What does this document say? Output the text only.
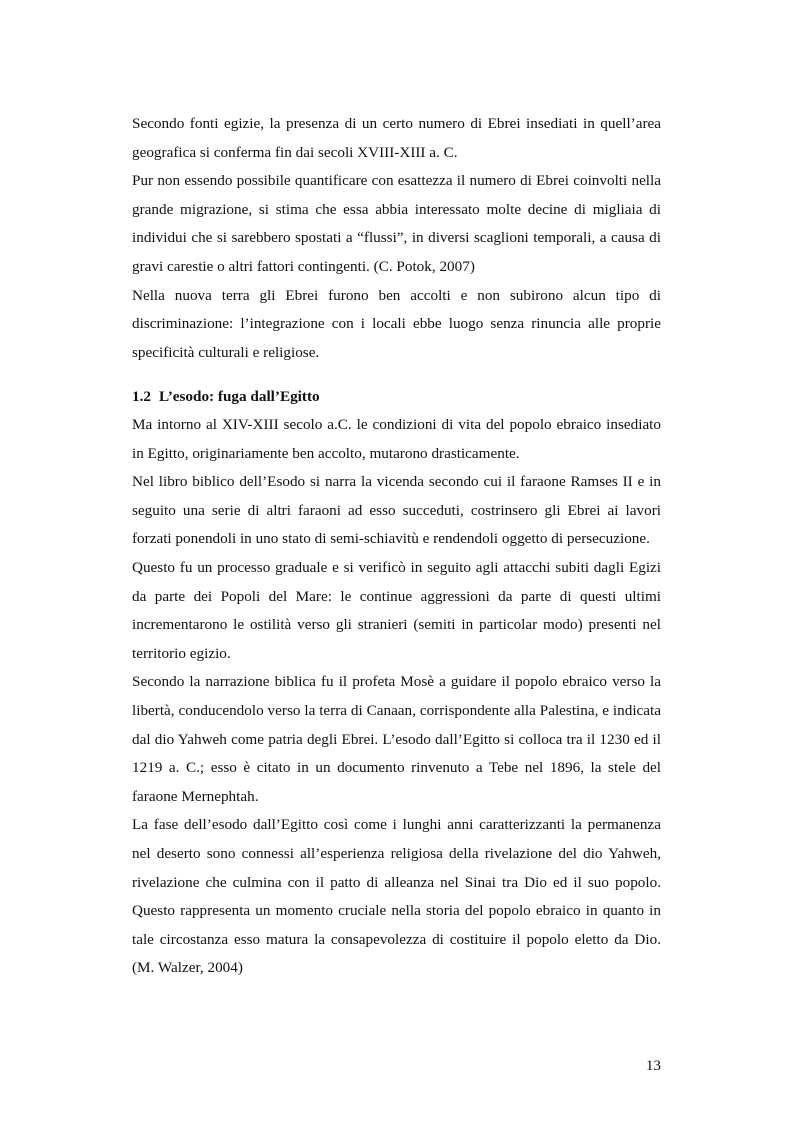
Secondo fonti egizie, la presenza di un certo numero di Ebrei insediati in quell’area geografica si conferma fin dai secoli XVIII-XIII a. C.

Pur non essendo possibile quantificare con esattezza il numero di Ebrei coinvolti nella grande migrazione, si stima che essa abbia interessato molte decine di migliaia di individui che si sarebbero spostati a “flussi”, in diversi scaglioni temporali, a causa di gravi carestie o altri fattori contingenti. (C. Potok, 2007)

Nella nuova terra gli Ebrei furono ben accolti e non subirono alcun tipo di discriminazione: l’integrazione con i locali ebbe luogo senza rinuncia alle proprie specificità culturali e religiose.

1.2 L’esodo: fuga dall’Egitto

Ma intorno al XIV-XIII secolo a.C. le condizioni di vita del popolo ebraico insediato in Egitto, originariamente ben accolto, mutarono drasticamente.

Nel libro biblico dell’Esodo si narra la vicenda secondo cui il faraone Ramses II e in seguito una serie di altri faraoni ad esso succeduti, costrinsero gli Ebrei ai lavori forzati ponendoli in uno stato di semi-schiavitù e rendendoli oggetto di persecuzione.

Questo fu un processo graduale e si verificò in seguito agli attacchi subiti dagli Egizi da parte dei Popoli del Mare: le continue aggressioni da parte di questi ultimi incrementarono le ostilità verso gli stranieri (semiti in particolar modo) presenti nel territorio egizio.

Secondo la narrazione biblica fu il profeta Mosè a guidare il popolo ebraico verso la libertà, conducendolo verso la terra di Canaan, corrispondente alla Palestina, e indicata dal dio Yahweh come patria degli Ebrei. L’esodo dall’Egitto si colloca tra il 1230 ed il 1219 a. C.; esso è citato in un documento rinvenuto a Tebe nel 1896, la stele del faraone Mernephtah.

La fase dell’esodo dall’Egitto così come i lunghi anni caratterizzanti la permanenza nel deserto sono connessi all’esperienza religiosa della rivelazione del dio Yahweh, rivelazione che culmina con il patto di alleanza nel Sinai tra Dio ed il suo popolo. Questo rappresenta un momento cruciale nella storia del popolo ebraico in quanto in tale circostanza esso matura la consapevolezza di costituire il popolo eletto da Dio. (M. Walzer, 2004)

13
